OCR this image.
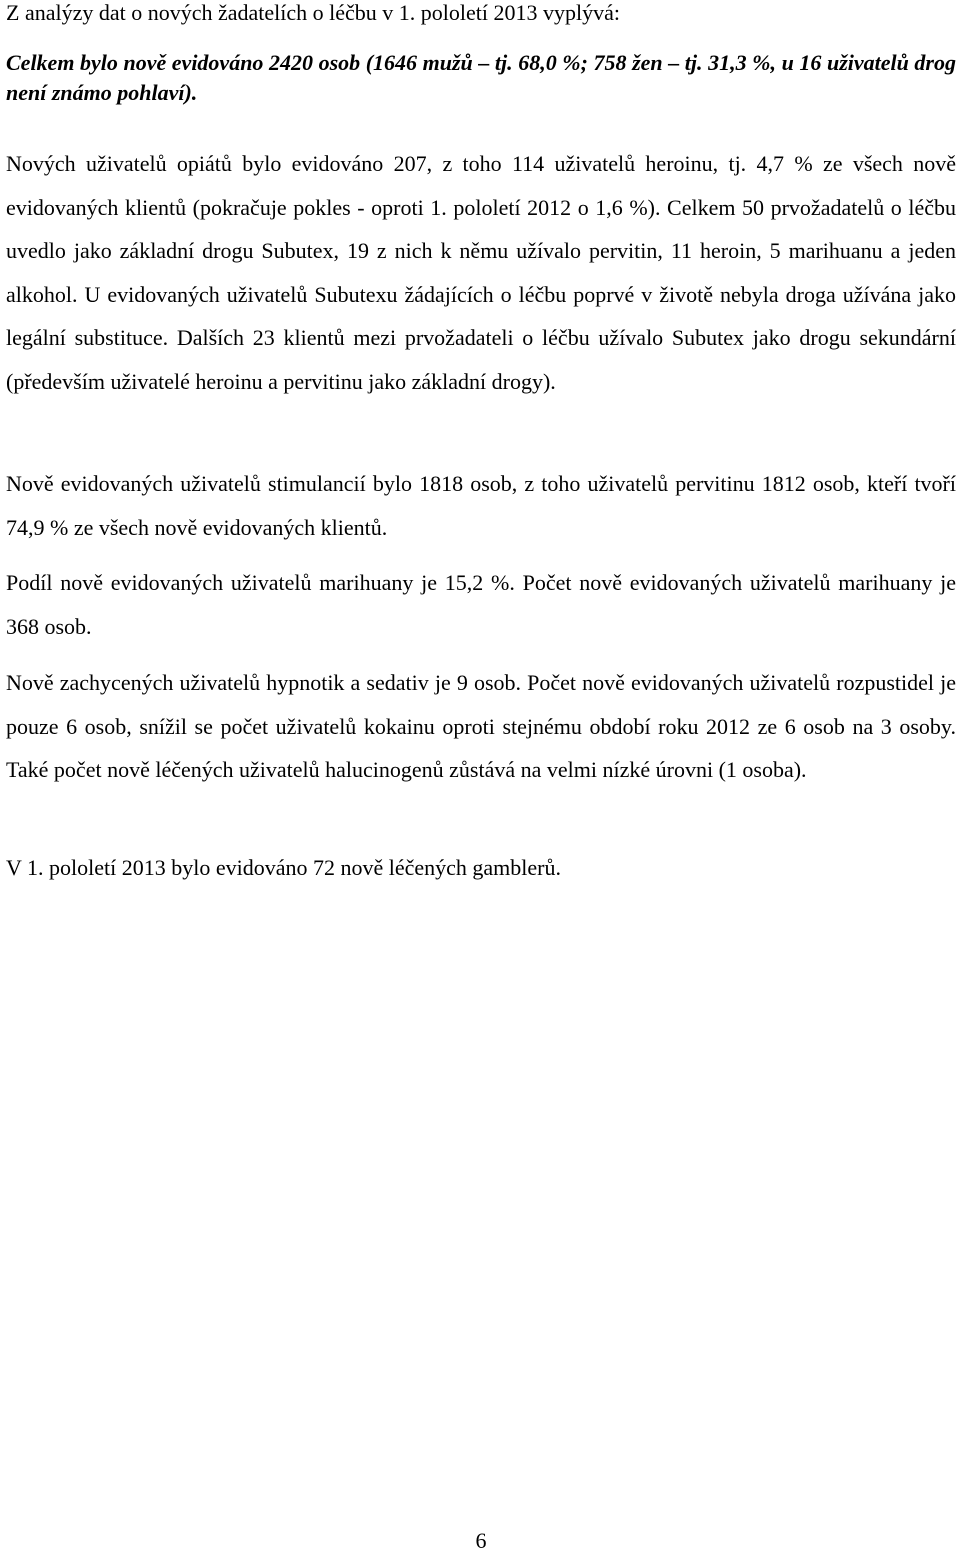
Z analýzy dat o nových žadatelích o léčbu v 1. pololetí 2013 vyplývá:

Celkem bylo nově evidováno 2420 osob (1646 mužů – tj. 68,0 %; 758 žen – tj. 31,3 %, u 16 uživatelů drog není známo pohlaví).

Nových uživatelů opiátů bylo evidováno 207, z toho 114 uživatelů heroinu, tj. 4,7 % ze všech nově evidovaných klientů (pokračuje pokles - oproti 1. pololetí 2012 o 1,6 %). Celkem 50 prvožadatelů o léčbu uvedlo jako základní drogu Subutex, 19 z nich k němu užívalo pervitin, 11 heroin, 5 marihuanu a jeden alkohol. U evidovaných uživatelů Subutexu žádajících o léčbu poprvé v životě nebyla droga užívána jako legální substituce. Dalších 23 klientů mezi prvožadateli o léčbu užívalo Subutex jako drogu sekundární (především uživatelé heroinu a pervitinu jako základní drogy).

Nově evidovaných uživatelů stimulancií bylo 1818 osob, z toho uživatelů pervitinu 1812 osob, kteří tvoří 74,9 % ze všech nově evidovaných klientů.

Podíl nově evidovaných uživatelů marihuany je 15,2 %. Počet nově evidovaných uživatelů marihuany je 368 osob.

Nově zachycených uživatelů hypnotik a sedativ je 9 osob. Počet nově evidovaných uživatelů rozpustidel je pouze 6 osob, snížil se počet uživatelů kokainu oproti stejnému období roku 2012 ze 6 osob na 3 osoby. Také počet nově léčených uživatelů halucinogenů zůstává na velmi nízké úrovni (1 osoba).

V 1. pololetí 2013 bylo evidováno 72 nově léčených gamblerů.

6
